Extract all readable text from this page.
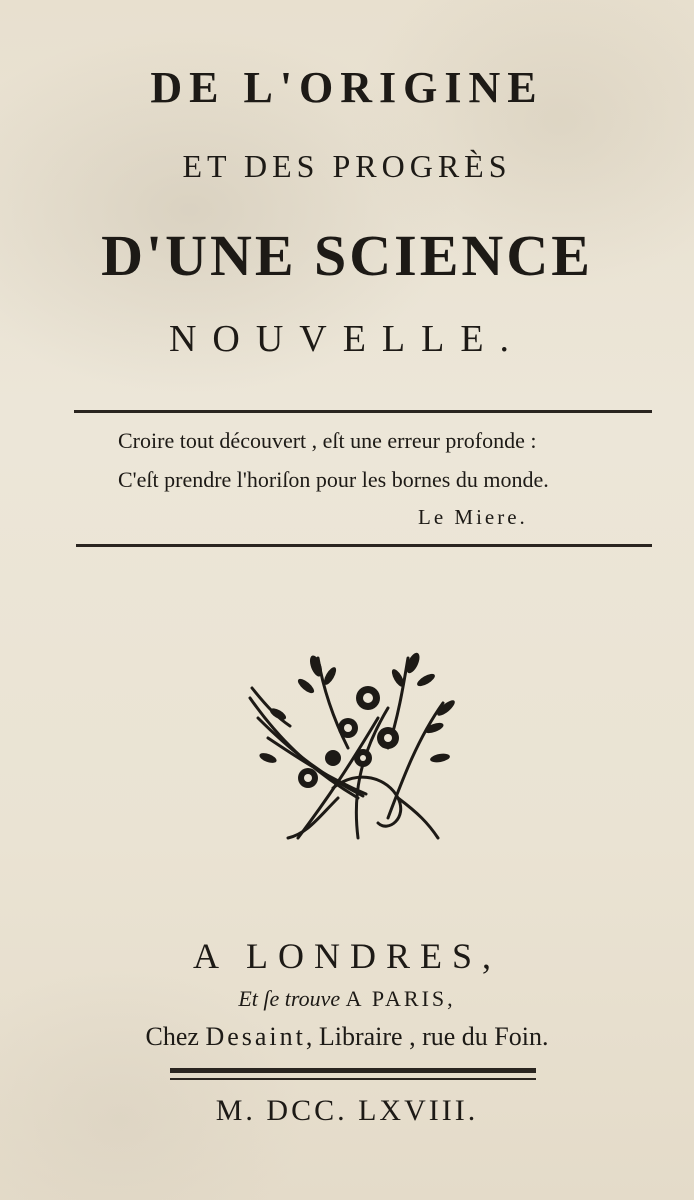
DE L'ORIGINE
ET DES PROGRÈS
D'UNE SCIENCE
NOUVELLE.
Croire tout découvert , eſt une erreur profonde :
C'eſt prendre l'horiſon pour les bornes du monde.
Le Miere.
A LONDRES,
Et ſe trouve A PARIS,
Chez Desaint, Libraire , rue du Foin.
M. DCC. LXVIII.
